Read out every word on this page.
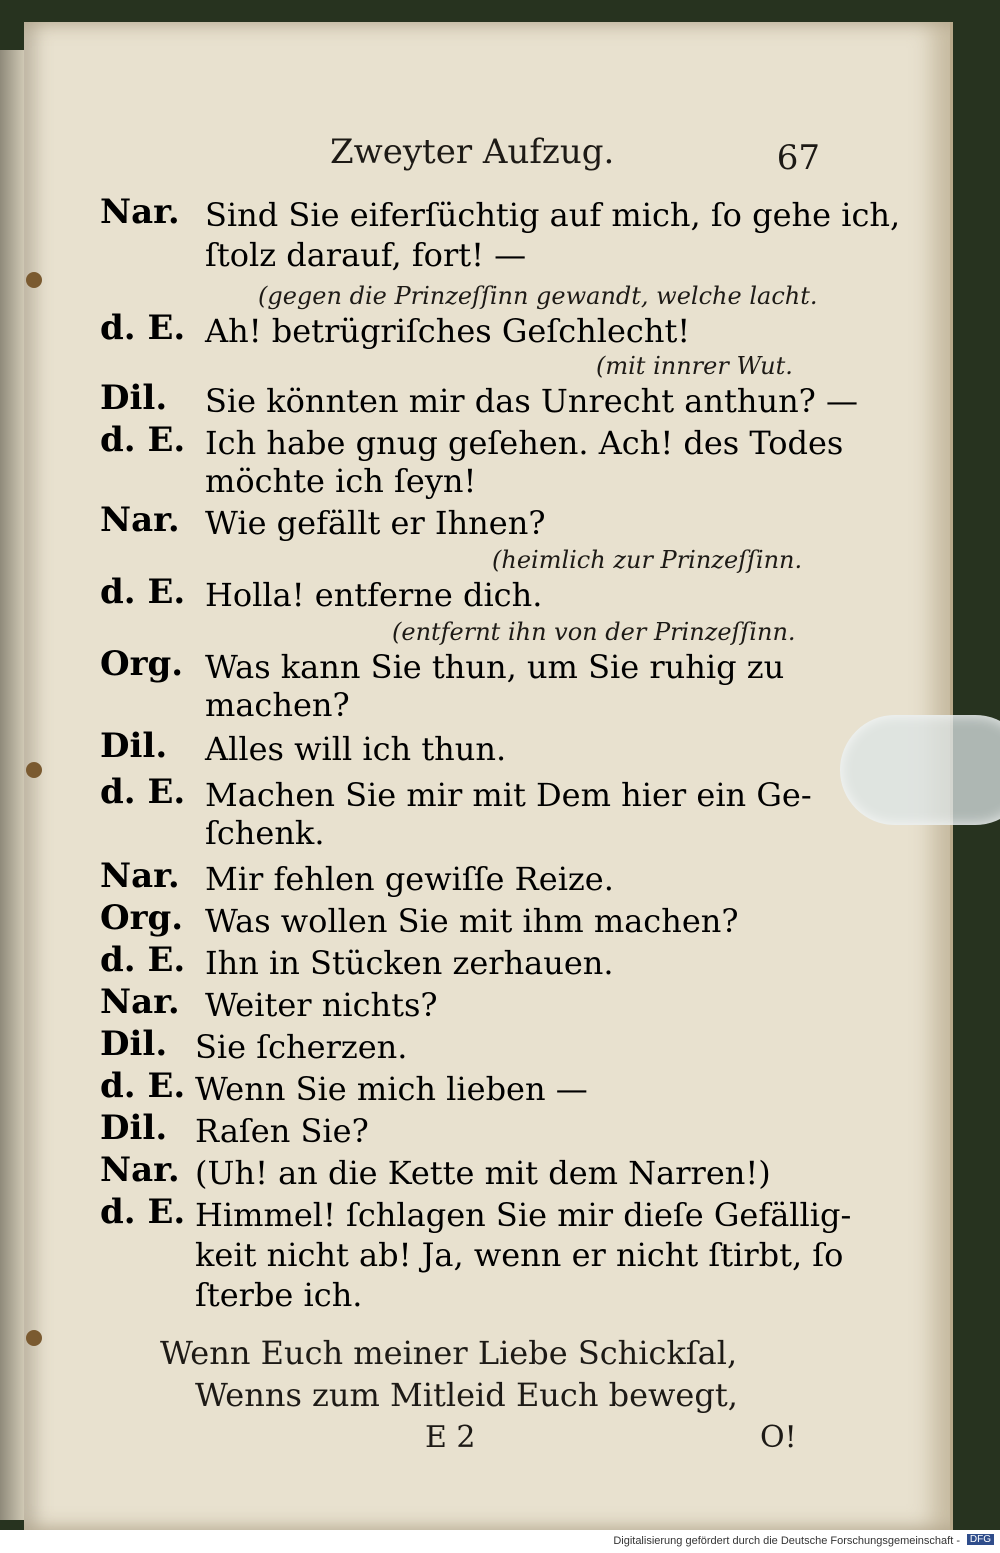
Zweyter Aufzug.	67
Nar. Sind Sie eiferſüchtig auf mich, ſo gehe ich,
ſtolz darauf, fort! —
(gegen die Prinzeſſinn gewandt, welche lacht.
d. E. Ah! betrügriſches Geſchlecht!
(mit innrer Wut.
Dil. Sie könnten mir das Unrecht anthun? —
d. E. Ich habe gnug geſehen. Ach! des Todes
möchte ich ſeyn!
Nar. Wie gefällt er Ihnen?
(heimlich zur Prinzeſſinn.
d. E. Holla! entferne dich.
(entfernt ihn von der Prinzeſſinn.
Org. Was kann Sie thun, um Sie ruhig zu
machen?
Dil. Alles will ich thun.
d. E. Machen Sie mir mit Dem hier ein Ge-
ſchenk.
Nar. Mir fehlen gewiſſe Reize.
Org. Was wollen Sie mit ihm machen?
d. E. Ihn in Stücken zerhauen.
Nar. Weiter nichts?
Dil. Sie ſcherzen.
d. E. Wenn Sie mich lieben —
Dil. Raſen Sie?
Nar. (Uh! an die Kette mit dem Narren!)
d. E. Himmel! ſchlagen Sie mir dieſe Gefällig-
keit nicht ab! Ja, wenn er nicht ſtirbt, ſo
ſterbe ich.
Wenn Euch meiner Liebe Schickſal,
Wenns zum Mitleid Euch bewegt,
E 2	O!
Digitalisierung gefördert durch die Deutsche Forschungsgemeinschaft - DFG
